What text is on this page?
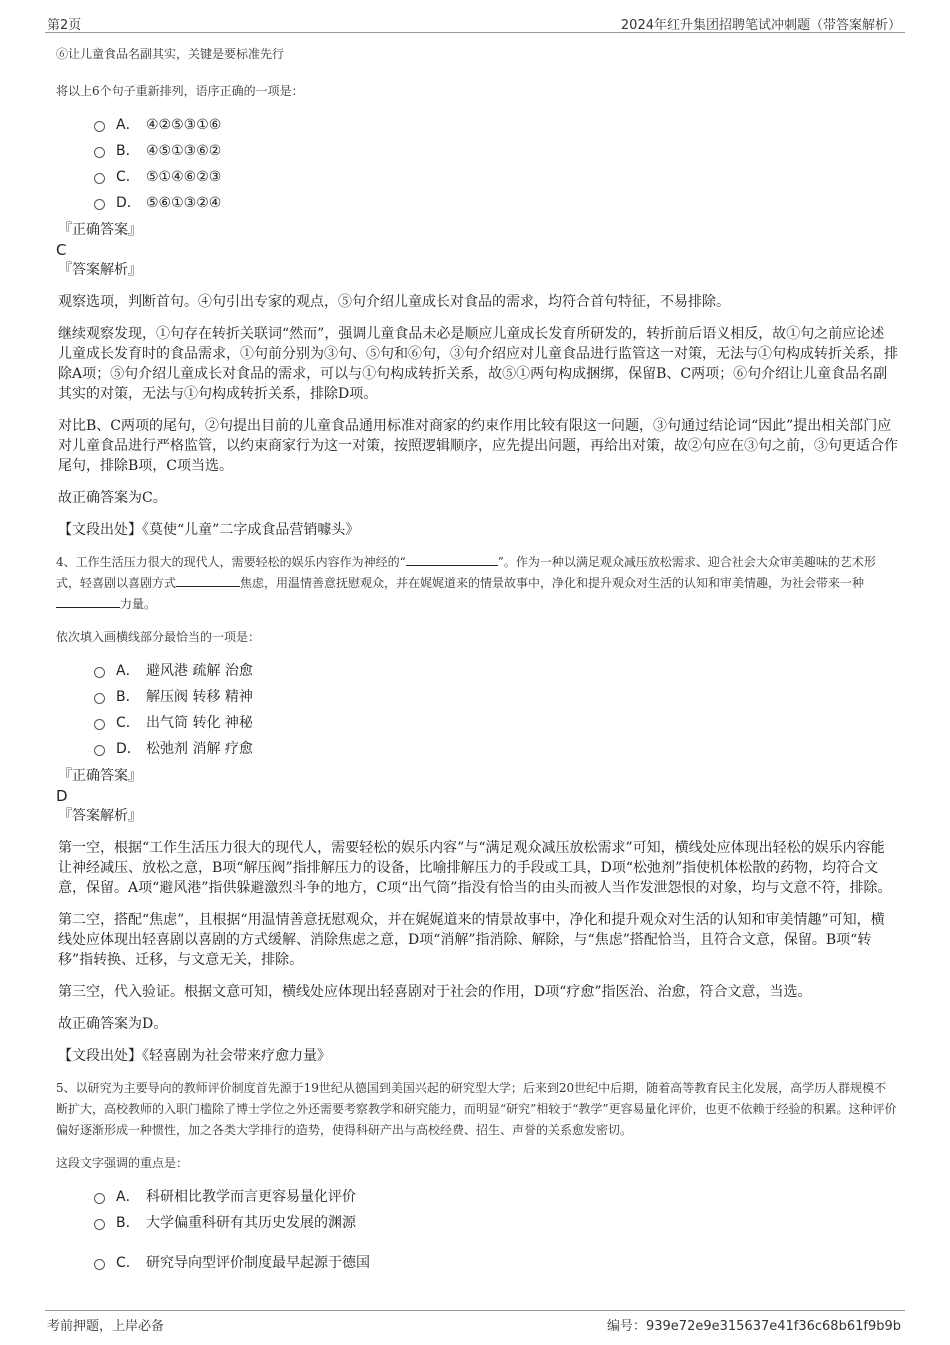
第2页	2024年红升集团招聘笔试冲刺题（带答案解析）
⑥让儿童食品名副其实，关键是要标准先行
将以上6个句子重新排列，语序正确的一项是：
A． ④②⑤③①⑥
B． ④⑤①③⑥②
C． ⑤①④⑥②③
D． ⑤⑥①③②④
『正确答案』
C
『答案解析』
观察选项，判断首句。④句引出专家的观点，⑤句介绍儿童成长对食品的需求，均符合首句特征，不易排除。
继续观察发现，①句存在转折关联词“然而”，强调儿童食品未必是顺应儿童成长发育所研发的，转折前后语义相反，故①句之前应论述儿童成长发育时的食品需求，①句前分别为③句、⑤句和⑥句，③句介绍应对儿童食品进行监管这一对策，无法与①句构成转折关系，排除A项；⑤句介绍儿童成长对食品的需求，可以与①句构成转折关系，故⑤①两句构成捆绑，保留B、C两项；⑥句介绍让儿童食品名副其实的对策，无法与①句构成转折关系，排除D项。
对比B、C两项的尾句，②句提出目前的儿童食品通用标准对商家的约束作用比较有限这一问题，③句通过结论词“因此”提出相关部门应对儿童食品进行严格监管，以约束商家行为这一对策，按照逻辑顺序，应先提出问题，再给出对策，故②句应在③句之前，③句更适合作尾句，排除B项，C项当选。
故正确答案为C。
【文段出处】《莫使“儿童”二字成食品营销噱头》
4、工作生活压力很大的现代人，需要轻松的娱乐内容作为神经的“	”。作为一种以满足观众减压放松需求、迎合社会大众审美趣味的艺术形式，轻喜剧以喜剧方式	焦虑，用温情善意抚慰观众，并在娓娓道来的情景故事中，净化和提升观众对生活的认知和审美情趣，为社会带来一种力量。
依次填入画横线部分最恰当的一项是：
A． 避风港 疏解 治愈
B． 解压阀 转移 精神
C． 出气筒 转化 神秘
D． 松弛剂 消解 疗愈
『正确答案』
D
『答案解析』
第一空，根据“工作生活压力很大的现代人，需要轻松的娱乐内容”与“满足观众减压放松需求”可知，横线处应体现出轻松的娱乐内容能让神经减压、放松之意，B项“解压阀”指排解压力的设备，比喻排解压力的手段或工具，D项“松弛剂”指使机体松散的药物，均符合文意，保留。A项“避风港”指供躲避激烈斗争的地方，C项“出气筒”指没有恰当的由头而被人当作发泄怨恨的对象，均与文意不符，排除。
第二空，搭配“焦虑”，且根据“用温情善意抚慰观众，并在娓娓道来的情景故事中，净化和提升观众对生活的认知和审美情趣”可知，横线处应体现出轻喜剧以喜剧的方式缓解、消除焦虑之意，D项“消解”指消除、解除，与“焦虑”搭配恰当，且符合文意，保留。B项“转移”指转换、迁移，与文意无关，排除。
第三空，代入验证。根据文意可知，横线处应体现出轻喜剧对于社会的作用，D项“疗愈”指医治、治愈，符合文意，当选。
故正确答案为D。
【文段出处】《轻喜剧为社会带来疗愈力量》
5、以研究为主要导向的教师评价制度首先源于19世纪从德国到美国兴起的研究型大学；后来到20世纪中后期，随着高等教育民主化发展，高学历人群规模不断扩大，高校教师的入职门槛除了博士学位之外还需要考察教学和研究能力，而明显“研究”相较于“教学”更容易量化评价，也更不依赖于经验的积累。这种评价偏好逐渐形成一种惯性，加之各类大学排行的造势，使得科研产出与高校经费、招生、声誉的关系愈发密切。
这段文字强调的重点是：
A． 科研相比教学而言更容易量化评价
B． 大学偏重科研有其历史发展的渊源
C． 研究导向型评价制度最早起源于德国
考前押题，上岸必备	编号：939e72e9e315637e41f36c68b61f9b9b
